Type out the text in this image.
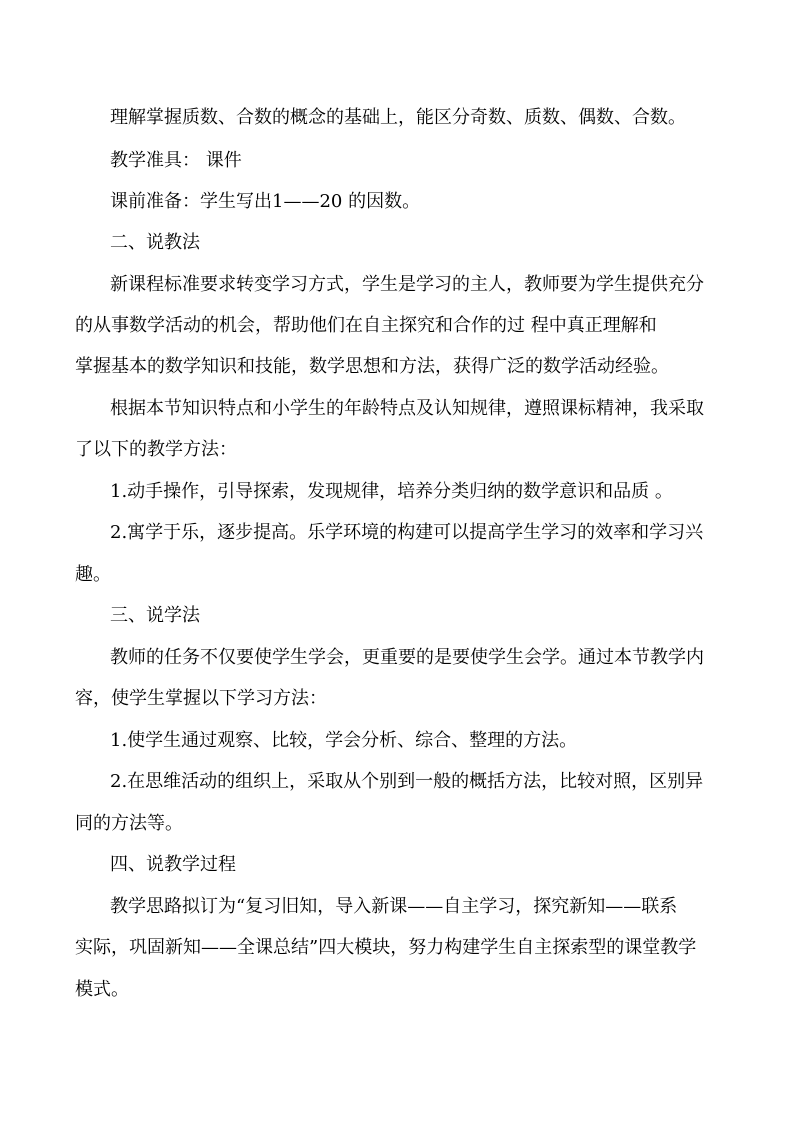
理解掌握质数、合数的概念的基础上，能区分奇数、质数、偶数、合数。
教学准具： 课件
课前准备：学生写出1——20 的因数。
二、说教法
新课程标准要求转变学习方式，学生是学习的主人，教师要为学生提供充分
的从事数学活动的机会，帮助他们在自主探究和合作的过 程中真正理解和
掌握基本的数学知识和技能，数学思想和方法，获得广泛的数学活动经验。
根据本节知识特点和小学生的年龄特点及认知规律，遵照课标精神，我采取
了以下的教学方法：
1.动手操作，引导探索，发现规律，培养分类归纳的数学意识和品质 。
2.寓学于乐，逐步提高。乐学环境的构建可以提高学生学习的效率和学习兴
趣。
三、说学法
教师的任务不仅要使学生学会，更重要的是要使学生会学。通过本节教学内
容，使学生掌握以下学习方法：
1.使学生通过观察、比较，学会分析、综合、整理的方法。
2.在思维活动的组织上，采取从个别到一般的概括方法，比较对照，区别异
同的方法等。
四、说教学过程
教学思路拟订为“复习旧知，导入新课——自主学习，探究新知——联系
实际，巩固新知——全课总结”四大模块，努力构建学生自主探索型的课堂教学
模式。
